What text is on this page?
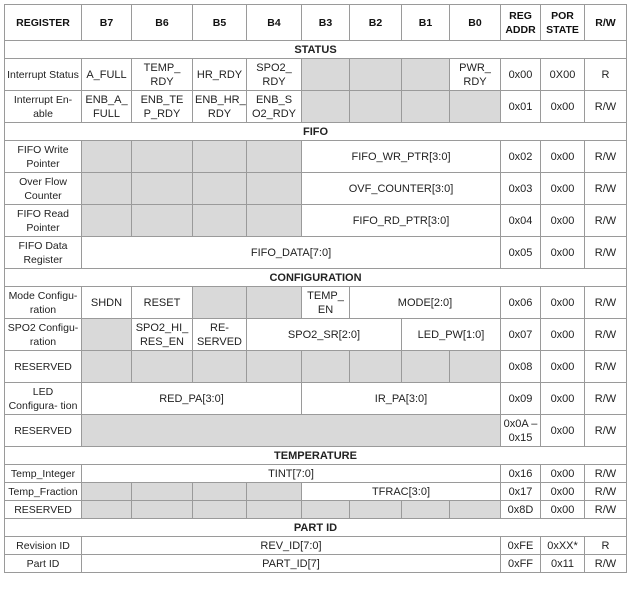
REGISTER	B7	B6	B5	B4	B3	B2	B1	B0	REG ADDR	POR STATE	R/W
STATUS											
Interrupt Status	A_FULL	TEMP_ RDY	HR_RDY	SPO2_ RDY				PWR_ RDY	0x00	0X00	R
Interrupt En- able	ENB_A_ FULL	ENB_TE P_RDY	ENB_HR_ RDY	ENB_S O2_RDY					0x01	0x00	R/W
FIFO											
FIFO Write Pointer					FIFO_WR_PTR[3:0]				0x02	0x00	R/W
Over Flow Counter					OVF_COUNTER[3:0]				0x03	0x00	R/W
FIFO Read Pointer					FIFO_RD_PTR[3:0]				0x04	0x00	R/W
FIFO Data Register	FIFO_DATA[7:0]								0x05	0x00	R/W
CONFIGURATION											
Mode Configu- ration	SHDN	RESET			TEMP_ EN	MODE[2:0]			0x06	0x00	R/W
SPO2 Configu- ration		SPO2_HI_ RES_EN	RE- SERVED	SPO2_SR[2:0]			LED_PW[1:0]		0x07	0x00	R/W
RESERVED									0x08	0x00	R/W
LED Configura- tion	RED_PA[3:0]				IR_PA[3:0]				0x09	0x00	R/W
RESERVED									0x0A – 0x15	0x00	R/W
TEMPERATURE											
Temp_Integer	TINT[7:0]								0x16	0x00	R/W
Temp_Fraction					TFRAC[3:0]				0x17	0x00	R/W
RESERVED									0x8D	0x00	R/W
PART ID											
Revision ID	REV_ID[7:0]								0xFE	0xXX*	R
Part ID	PART_ID[7]								0xFF	0x11	R/W
